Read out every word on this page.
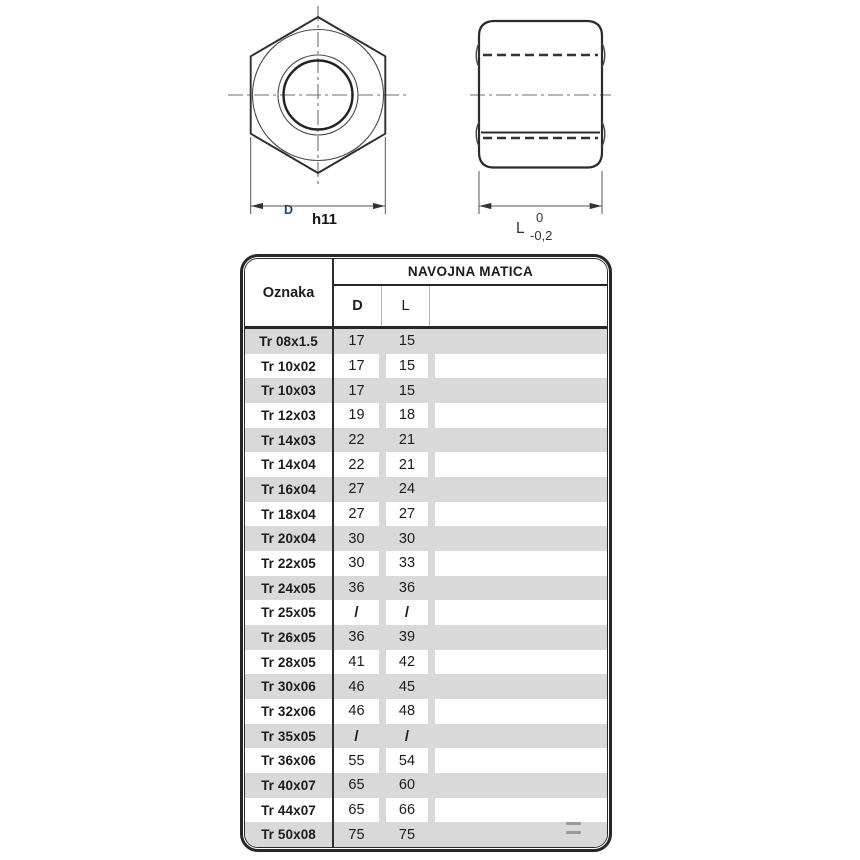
D
h11
L
0
-0,2
Oznaka
NAVOJNA MATICA
D	L
Tr 08x1.5	17	15
Tr 10x02	17	15
Tr 10x03	17	15
Tr 12x03	19	18
Tr 14x03	22	21
Tr 14x04	22	21
Tr 16x04	27	24
Tr 18x04	27	27
Tr 20x04	30	30
Tr 22x05	30	33
Tr 24x05	36	36
Tr 25x05	/	/
Tr 26x05	36	39
Tr 28x05	41	42
Tr 30x06	46	45
Tr 32x06	46	48
Tr 35x05	/	/
Tr 36x06	55	54
Tr 40x07	65	60
Tr 44x07	65	66
Tr 50x08	75	75
